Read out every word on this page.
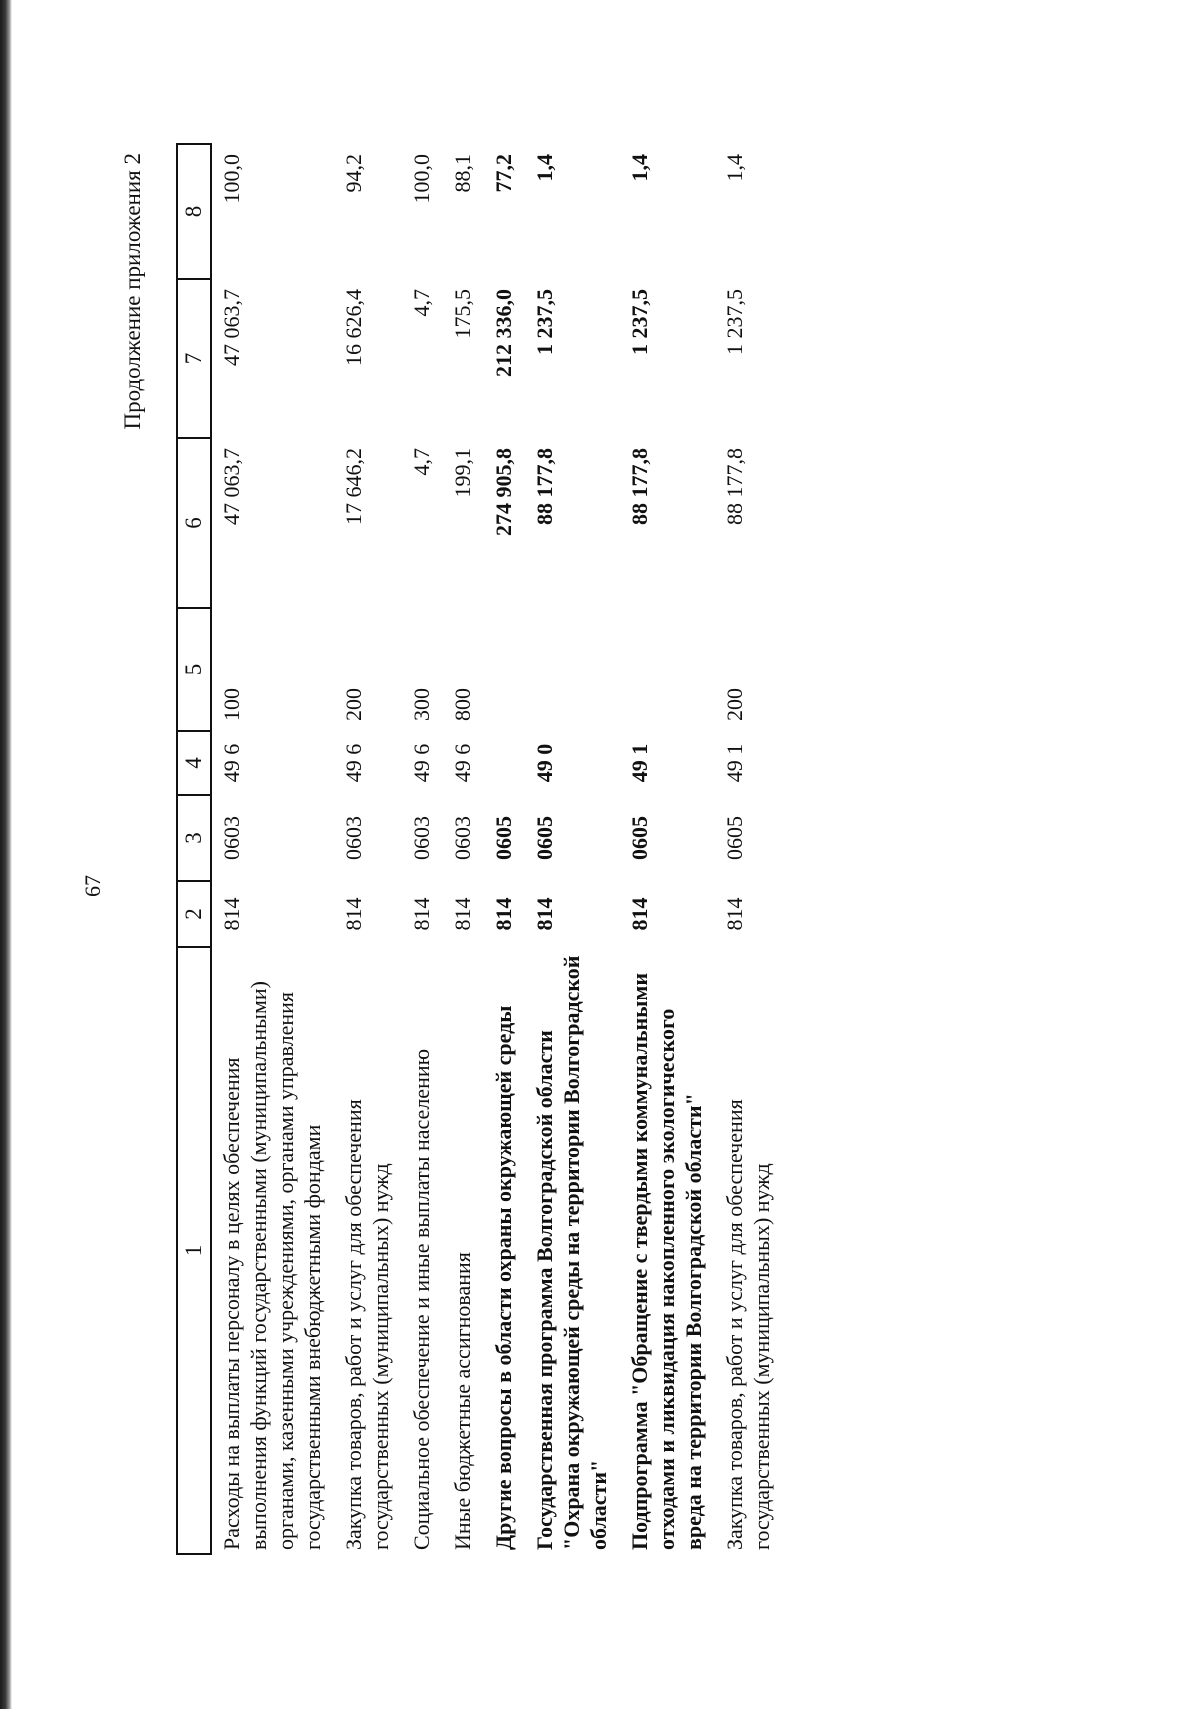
67
Продолжение приложения 2
1	2	3	4	5	6	7	8
Расходы на выплаты персоналу в целях обеспечения выполнения функций государственными (муниципальными) органами, казенными учреждениями, органами управления государственными внебюджетными фондами	814	0603	49 6	100	47 063,7	47 063,7	100,0
Закупка товаров, работ и услуг для обеспечения государственных (муниципальных) нужд	814	0603	49 6	200	17 646,2	16 626,4	94,2
Социальное обеспечение и иные выплаты населению	814	0603	49 6	300	4,7	4,7	100,0
Иные бюджетные ассигнования	814	0603	49 6	800	199,1	175,5	88,1
Другие вопросы в области охраны окружающей среды	814	0605			274 905,8	212 336,0	77,2
Государственная программа Волгоградской области "Охрана окружающей среды на территории Волгоградской области"	814	0605	49 0		88 177,8	1 237,5	1,4
Подпрограмма "Обращение с твердыми коммунальными отходами и ликвидация накопленного экологического вреда на территории Волгоградской области"	814	0605	49 1		88 177,8	1 237,5	1,4
Закупка товаров, работ и услуг для обеспечения государственных (муниципальных) нужд	814	0605	49 1	200	88 177,8	1 237,5	1,4
